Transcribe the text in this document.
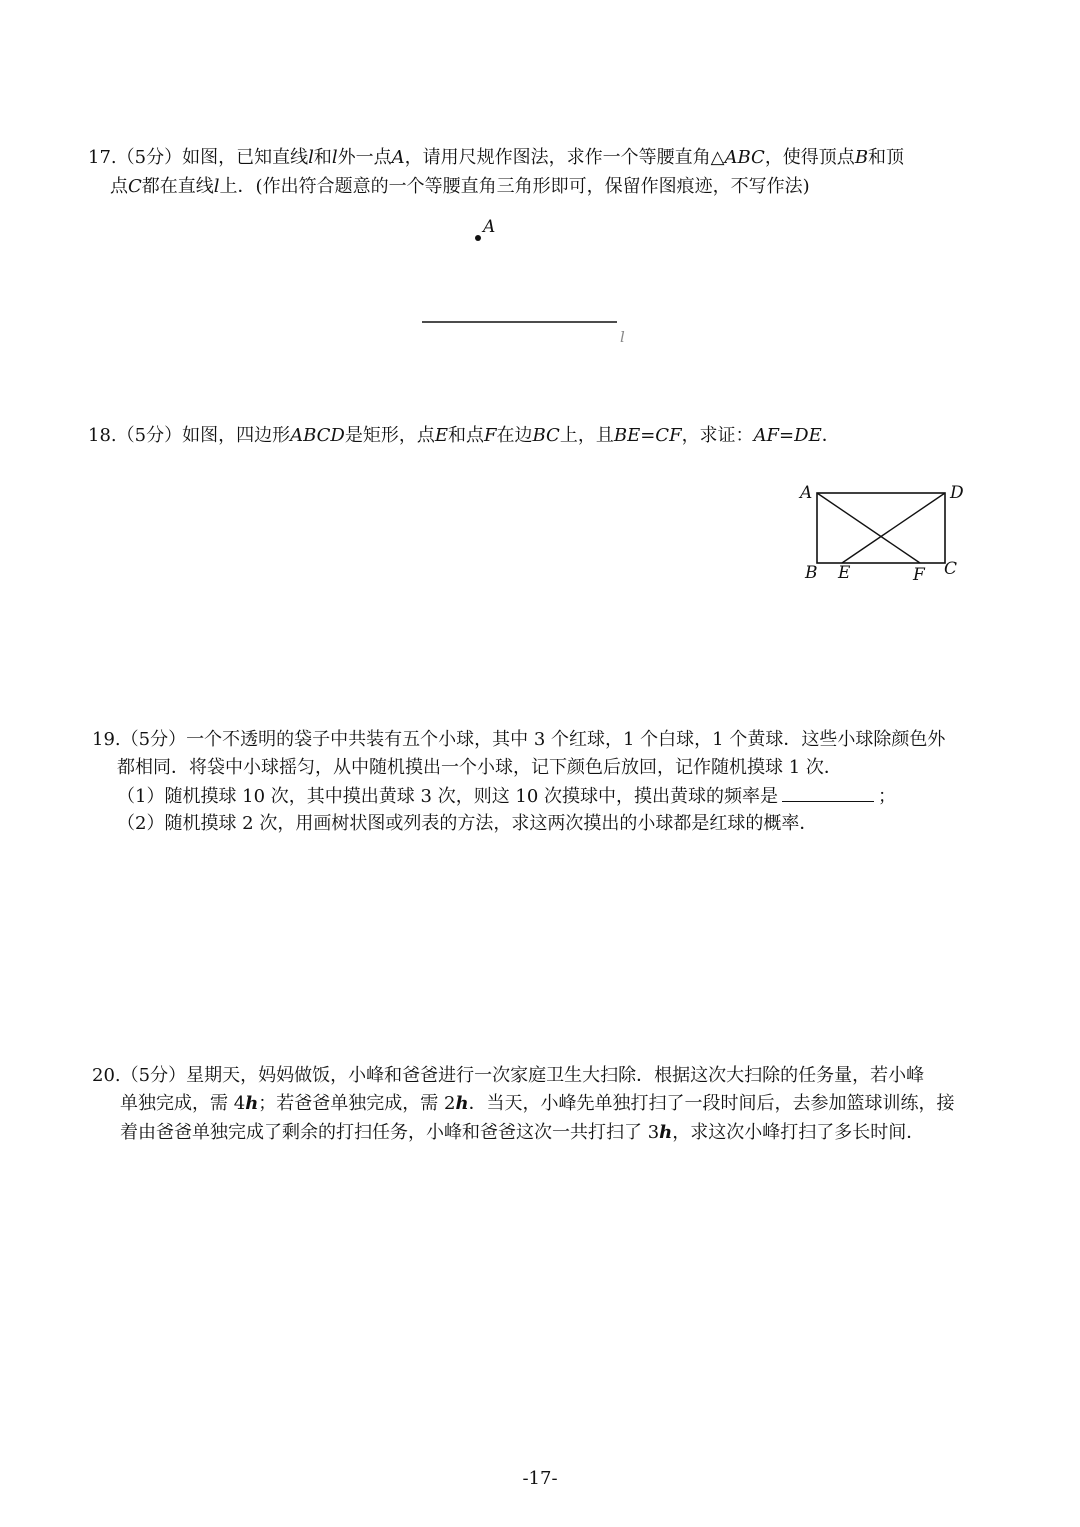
17.（5分）如图，已知直线l和l外一点A，请用尺规作图法，求作一个等腰直角△ABC，使得顶点B和顶
点C都在直线l上．(作出符合题意的一个等腰直角三角形即可，保留作图痕迹，不写作法)
A
l
18.（5分）如图，四边形ABCD是矩形，点E和点F在边BC上，且BE=CF，求证：AF=DE．
A	D
B E	F C
19.（5分）一个不透明的袋子中共装有五个小球，其中 3 个红球，1 个白球，1 个黄球．这些小球除颜色外
都相同．将袋中小球摇匀，从中随机摸出一个小球，记下颜色后放回，记作随机摸球 1 次．
（1）随机摸球 10 次，其中摸出黄球 3 次，则这 10 次摸球中，摸出黄球的频率是	；
（2）随机摸球 2 次，用画树状图或列表的方法，求这两次摸出的小球都是红球的概率．
20.（5分）星期天，妈妈做饭，小峰和爸爸进行一次家庭卫生大扫除．根据这次大扫除的任务量，若小峰
单独完成，需 4h；若爸爸单独完成，需 2h．当天，小峰先单独打扫了一段时间后，去参加篮球训练，接
着由爸爸单独完成了剩余的打扫任务，小峰和爸爸这次一共打扫了 3h，求这次小峰打扫了多长时间．
-17-
